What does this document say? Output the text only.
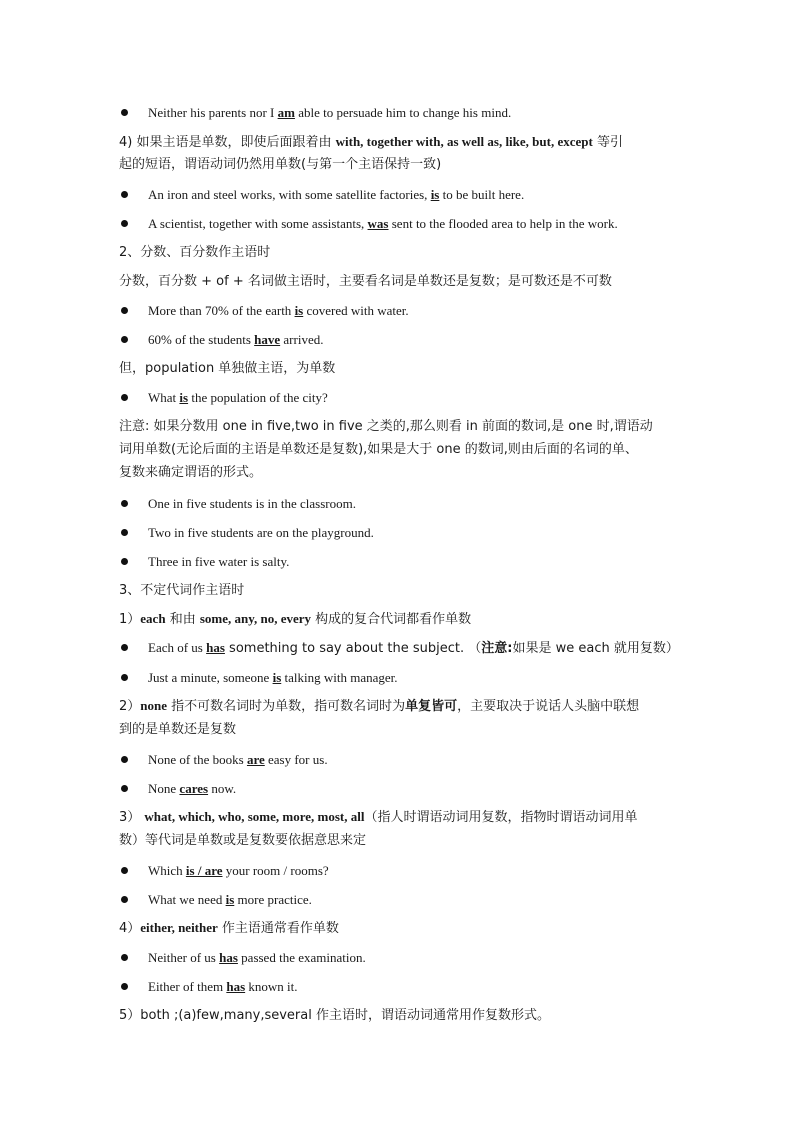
Neither his parents nor I am able to persuade him to change his mind.
4) 如果主语是单数，即使后面跟着由 with, together with, as well as, like, but, except 等引
起的短语，谓语动词仍然用单数(与第一个主语保持一致)
An iron and steel works, with some satellite factories, is to be built here.
A scientist, together with some assistants, was sent to the flooded area to help in the work.
2、分数、百分数作主语时
分数，百分数 + of + 名词做主语时，主要看名词是单数还是复数；是可数还是不可数
More than 70% of the earth is covered with water.
60% of the students have arrived.
但，population 单独做主语，为单数
What is the population of the city?
注意: 如果分数用 one in five,two in five 之类的,那么则看 in 前面的数词,是 one 时,谓语动
词用单数(无论后面的主语是单数还是复数),如果是大于 one 的数词,则由后面的名词的单、
复数来确定谓语的形式。
One in five students is in the classroom.
Two in five students are on the playground.
Three in five water is salty.
3、不定代词作主语时
1）each 和由 some, any, no, every 构成的复合代词都看作单数
Each of us has something to say about the subject. （注意:如果是 we each 就用复数）
Just a minute, someone is talking with manager.
2）none 指不可数名词时为单数，指可数名词时为单复皆可，主要取决于说话人头脑中联想
到的是单数还是复数
None of the books are easy for us.
None cares now.
3） what, which, who, some, more, most, all（指人时谓语动词用复数，指物时谓语动词用单
数）等代词是单数或是复数要依据意思来定
Which is / are your room / rooms?
What we need is more practice.
4）either, neither 作主语通常看作单数
Neither of us has passed the examination.
Either of them has known it.
5）both ;(a)few,many,several 作主语时，谓语动词通常用作复数形式。
